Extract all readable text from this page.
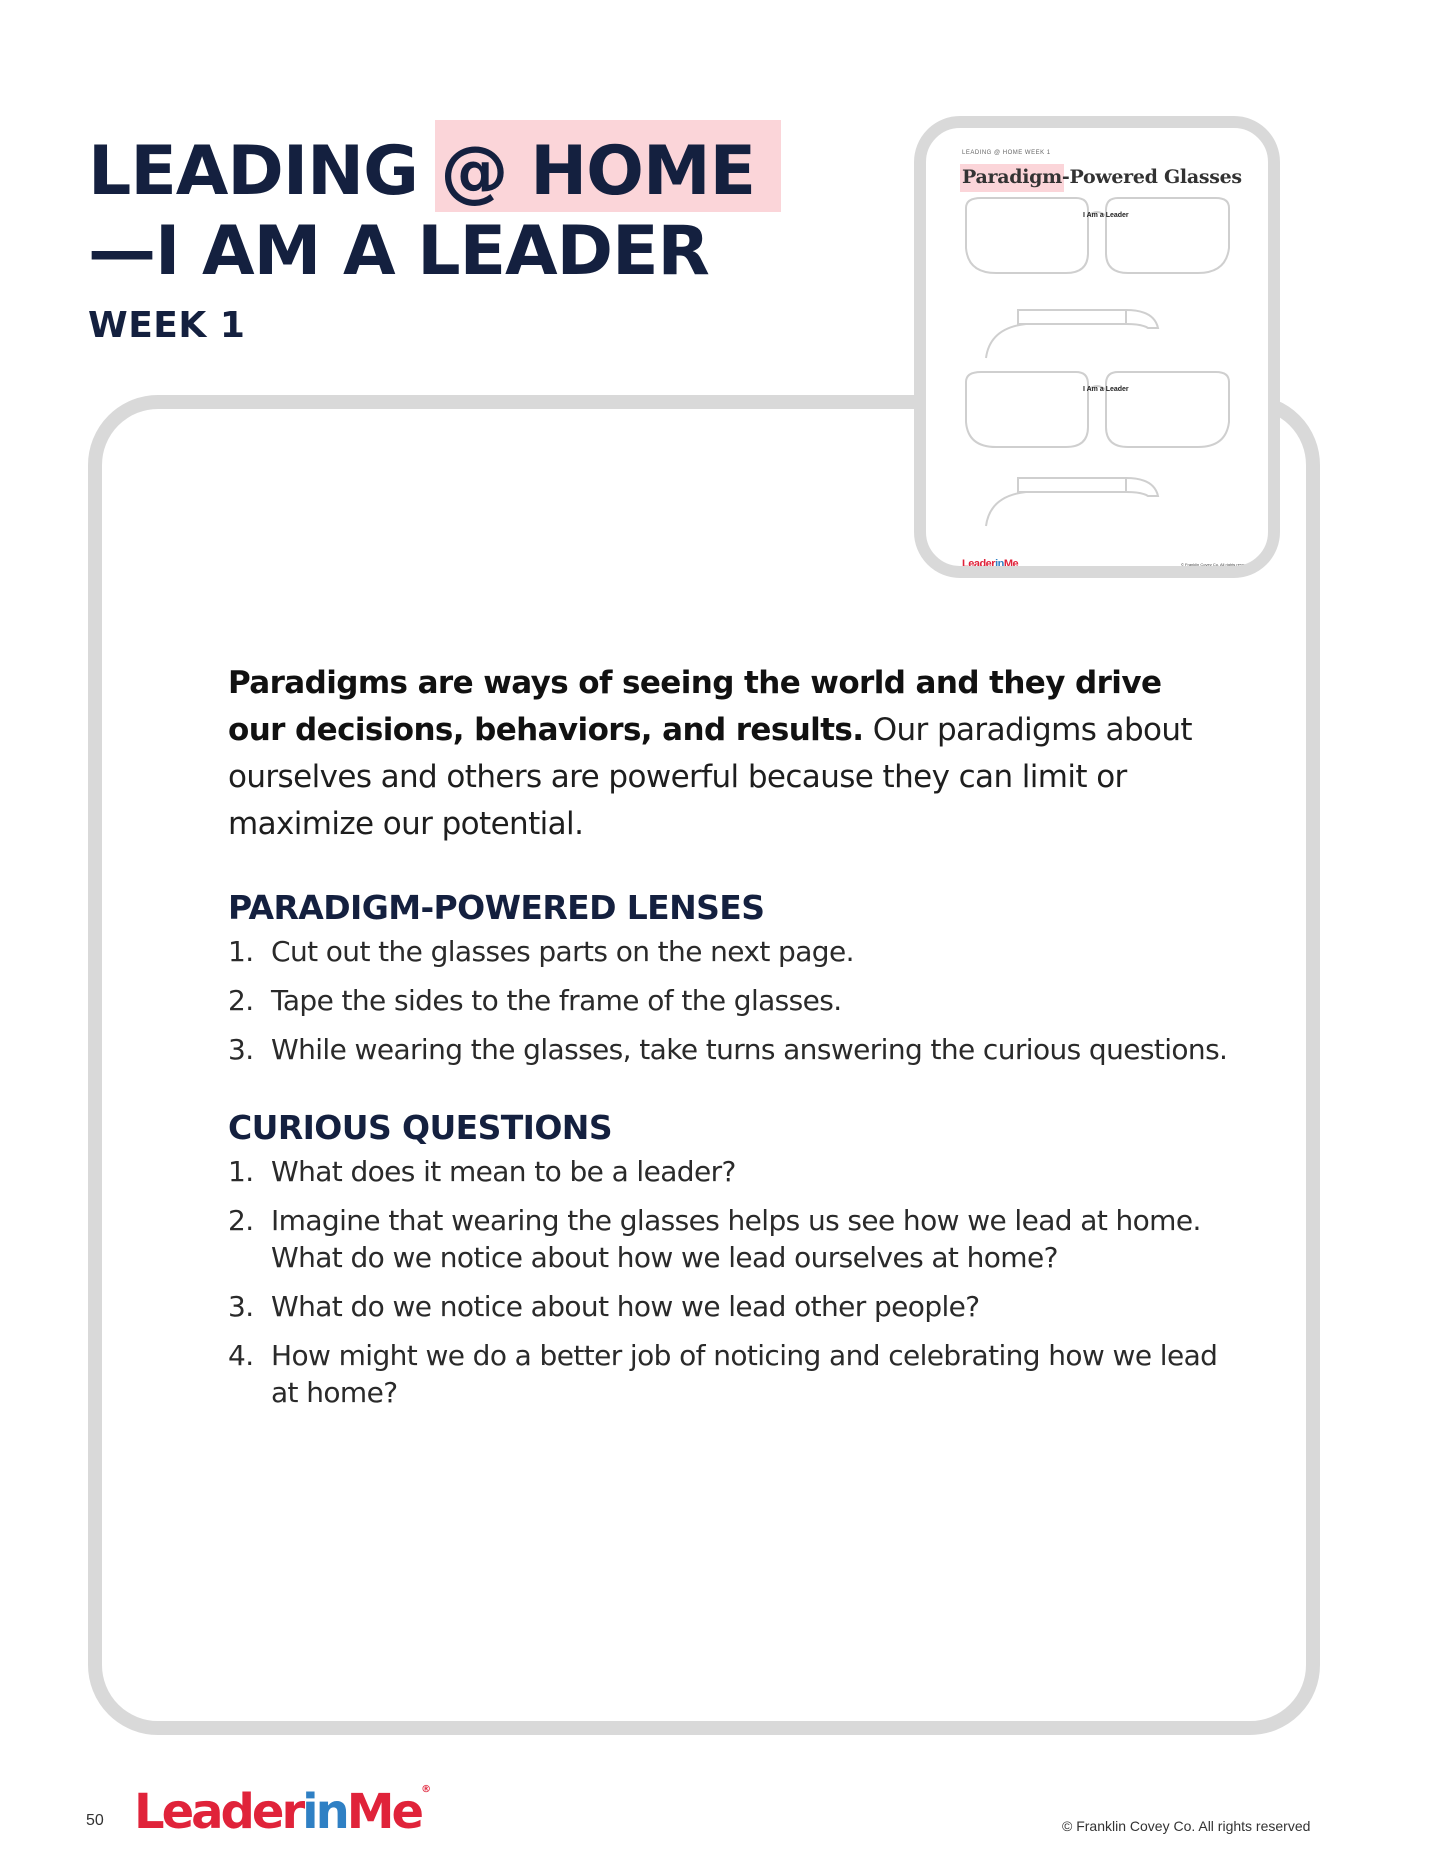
LEADING @ HOME
—I AM A LEADER
WEEK 1
LEADING @ HOME WEEK 1
Paradigm-Powered Glasses
I Am a Leader
I Am a Leader
LeaderinMe	© Franklin Covey Co. All rights reserved. 51

Paradigms are ways of seeing the world and they drive our decisions, behaviors, and results. Our paradigms about ourselves and others are powerful because they can limit or maximize our potential.

PARADIGM-POWERED LENSES
1. Cut out the glasses parts on the next page.
2. Tape the sides to the frame of the glasses.
3. While wearing the glasses, take turns answering the curious questions.
CURIOUS QUESTIONS
1. What does it mean to be a leader?
2. Imagine that wearing the glasses helps us see how we lead at home. What do we notice about how we lead ourselves at home?
3. What do we notice about how we lead other people?
4. How might we do a better job of noticing and celebrating how we lead at home?
50 LeaderinMe®
© Franklin Covey Co. All rights reserved
